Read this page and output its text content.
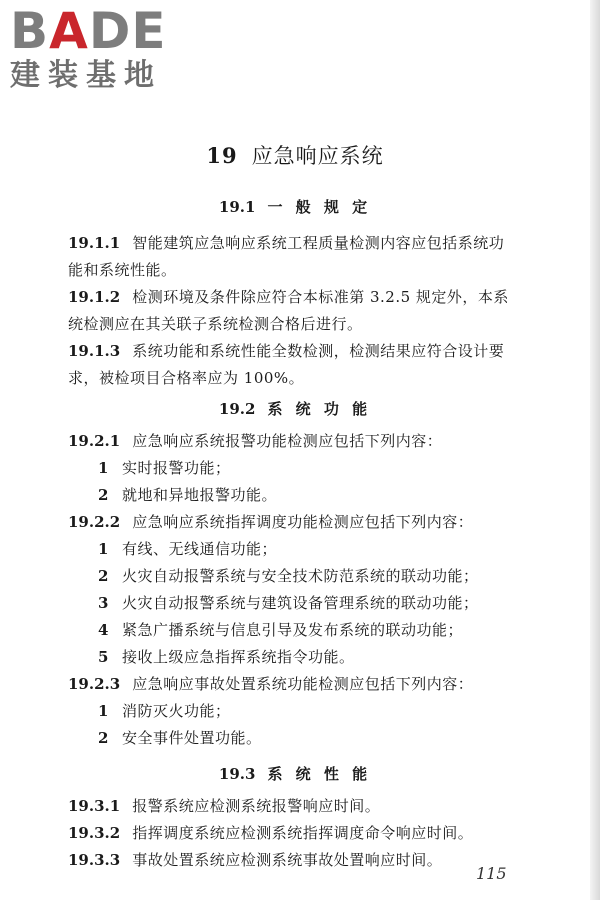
BADE
建装基地
19 应急响应系统
19.1 一 般 规 定
19.1.1 智能建筑应急响应系统工程质量检测内容应包括系统功
能和系统性能。
19.1.2 检测环境及条件除应符合本标准第 3.2.5 规定外，本系
统检测应在其关联子系统检测合格后进行。
19.1.3 系统功能和系统性能全数检测，检测结果应符合设计要
求，被检项目合格率应为 100%。
19.2 系 统 功 能
19.2.1 应急响应系统报警功能检测应包括下列内容：
1 实时报警功能；
2 就地和异地报警功能。
19.2.2 应急响应系统指挥调度功能检测应包括下列内容：
1 有线、无线通信功能；
2 火灾自动报警系统与安全技术防范系统的联动功能；
3 火灾自动报警系统与建筑设备管理系统的联动功能；
4 紧急广播系统与信息引导及发布系统的联动功能；
5 接收上级应急指挥系统指令功能。
19.2.3 应急响应事故处置系统功能检测应包括下列内容：
1 消防灭火功能；
2 安全事件处置功能。
19.3 系 统 性 能
19.3.1 报警系统应检测系统报警响应时间。
19.3.2 指挥调度系统应检测系统指挥调度命令响应时间。
19.3.3 事故处置系统应检测系统事故处置响应时间。
115
